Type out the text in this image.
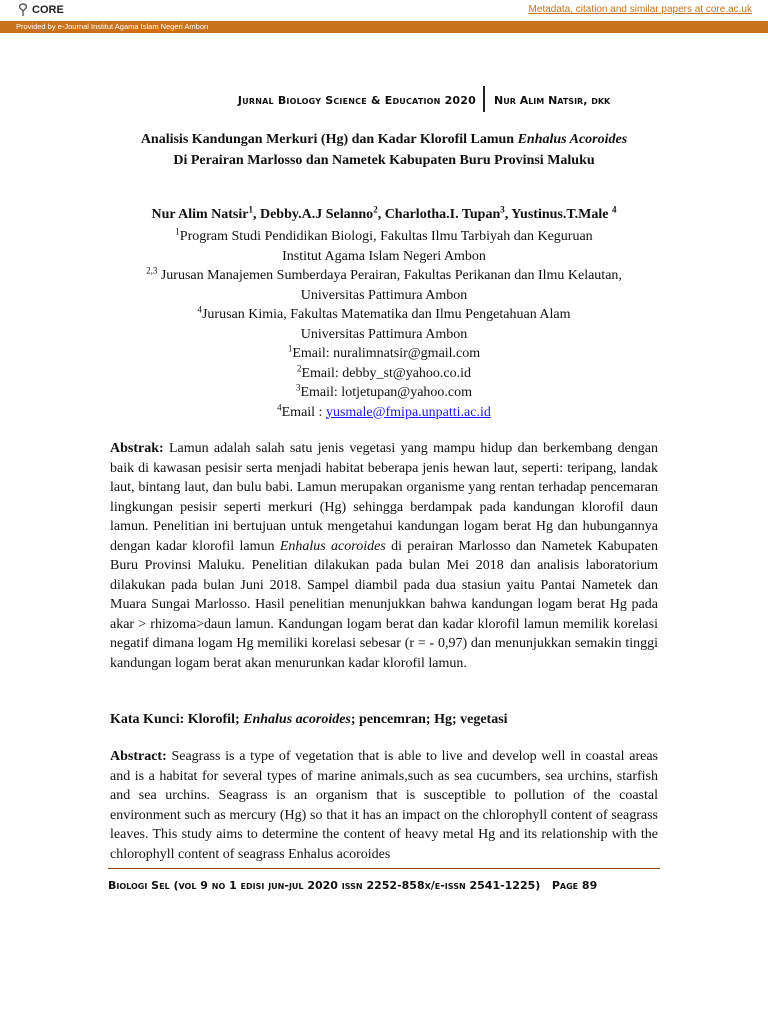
CORE	Metadata, citation and similar papers at core.ac.uk
Provided by e-Journal Institut Agama Islam Negeri Ambon
Jurnal Biology Science & Education 2020 Nur Alim Natsir, dkk
Analisis Kandungan Merkuri (Hg) dan Kadar Klorofil Lamun Enhalus Acoroides
Di Perairan Marlosso dan Nametek Kabupaten Buru Provinsi Maluku
Nur Alim Natsir$^1$, Debby.A.J Selanno$^2$, Charlotha.I. Tupan$^3$, Yustinus.T.Male $^4$
$^1$Program Studi Pendidikan Biologi, Fakultas Ilmu Tarbiyah dan Keguruan
Institut Agama Islam Negeri Ambon
$^{2,3}$ Jurusan Manajemen Sumberdaya Perairan, Fakultas Perikanan dan Ilmu Kelautan,
Universitas Pattimura Ambon
$^4$Jurusan Kimia, Fakultas Matematika dan Ilmu Pengetahuan Alam
Universitas Pattimura Ambon
$^1$Email: nuralimnatsir@gmail.com
$^2$Email: debby_st@yahoo.co.id
$^3$Email: lotjetupan@yahoo.com
$^4$Email : yusmale@fmipa.unpatti.ac.id
Abstrak: Lamun adalah salah satu jenis vegetasi yang mampu hidup dan berkembang dengan baik di kawasan pesisir serta menjadi habitat beberapa jenis hewan laut, seperti: teripang, landak laut, bintang laut, dan bulu babi. Lamun merupakan organisme yang rentan terhadap pencemaran lingkungan pesisir seperti merkuri (Hg) sehingga berdampak pada kandungan klorofil daun lamun. Penelitian ini bertujuan untuk mengetahui kandungan logam berat Hg dan hubungannya dengan kadar klorofil lamun Enhalus acoroides di perairan Marlosso dan Nametek Kabupaten Buru Provinsi Maluku. Penelitian dilakukan pada bulan Mei 2018 dan analisis laboratorium dilakukan pada bulan Juni 2018. Sampel diambil pada dua stasiun yaitu Pantai Nametek dan Muara Sungai Marlosso. Hasil penelitian menunjukkan bahwa kandungan logam berat Hg pada akar > rhizoma>daun lamun. Kandungan logam berat dan kadar klorofil lamun memilik korelasi negatif dimana logam Hg memiliki korelasi sebesar (r = - 0,97) dan menunjukkan semakin tinggi kandungan logam berat akan menurunkan kadar klorofil lamun.
Kata Kunci: Klorofil; Enhalus acoroides; pencemran; Hg; vegetasi
Abstract: Seagrass is a type of vegetation that is able to live and develop well in coastal areas and is a habitat for several types of marine animals,such as sea cucumbers, sea urchins, starfish and sea urchins. Seagrass is an organism that is susceptible to pollution of the coastal environment such as mercury (Hg) so that it has an impact on the chlorophyll content of seagrass leaves. This study aims to determine the content of heavy metal Hg and its relationship with the chlorophyll content of seagrass Enhalus acoroides
Biologi Sel (vol 9 no 1 edisi jun-jul 2020 issn 2252-858x/e-issn 2541-1225) Page 89
